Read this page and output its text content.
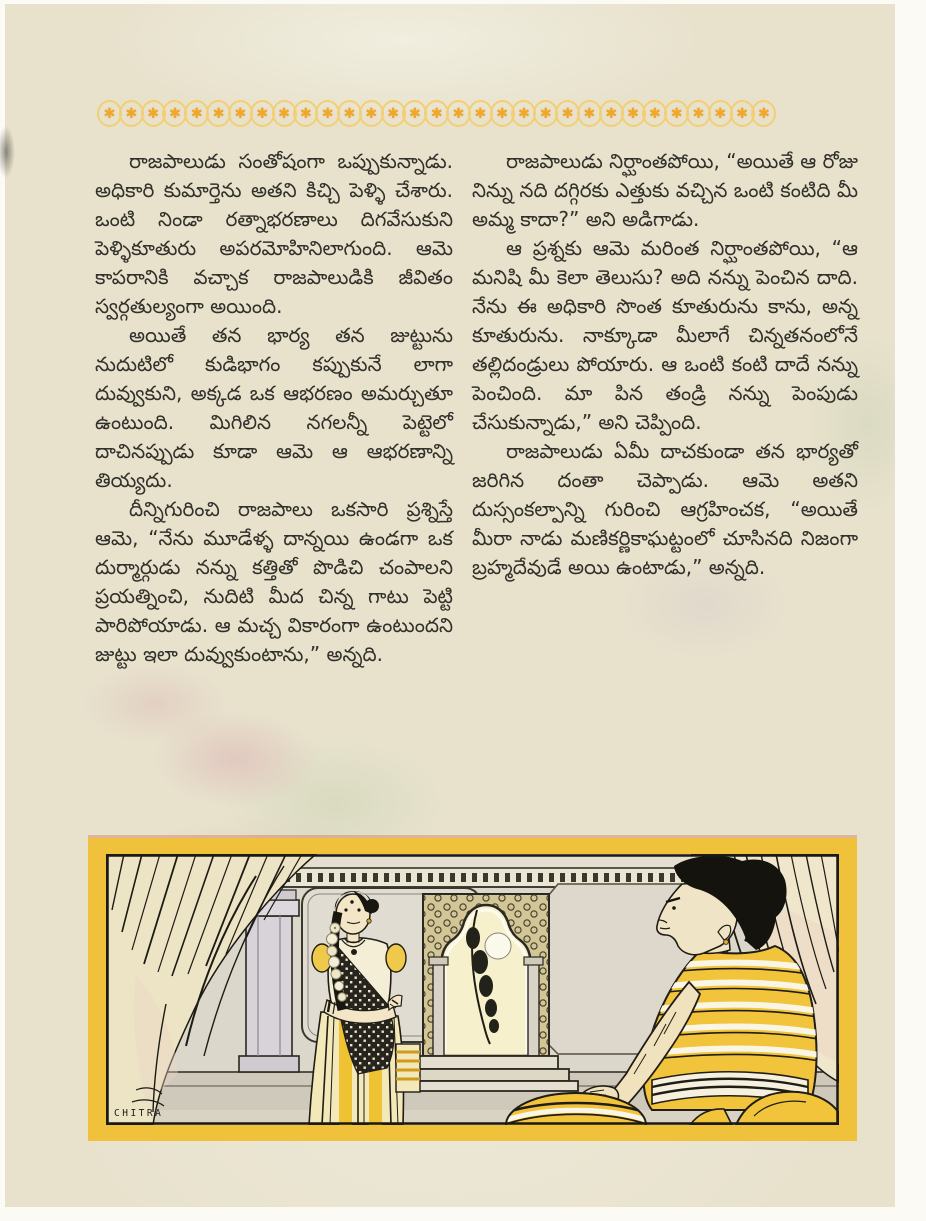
✱ ✱ ✱ ✱ ✱ ✱ ✱ ✱ ✱ ✱ ✱ ✱ ✱ ✱ ✱ ✱ ✱ ✱ ✱ ✱ ✱ ✱ ✱ ✱ ✱ ✱ ✱ ✱ ✱ ✱ ✱

రాజపాలుడు సంతోషంగా ఒప్పుకున్నాడు. అధికారి కుమార్తెను అతని కిచ్చి పెళ్ళి చేశారు. ఒంటి నిండా రత్నాభరణాలు దిగవేసుకుని పెళ్ళికూతురు అపరమోహినిలాగుంది. ఆమె కాపరానికి వచ్చాక రాజపాలుడికి జీవితం స్వర్గతుల్యంగా అయింది.

అయితే తన భార్య తన జుట్టును నుదుటిలో కుడిభాగం కప్పుకునే లాగా దువ్వుకుని, అక్కడ ఒక ఆభరణం అమర్చుతూ ఉంటుంది. మిగిలిన నగలన్నీ పెట్టెలో దాచినప్పుడు కూడా ఆమె ఆ ఆభరణాన్ని తియ్యదు.

దీన్నిగురించి రాజపాలు ఒకసారి ప్రశ్నిస్తే ఆమె, “నేను మూడేళ్ళ దాన్నయి ఉండగా ఒక దుర్మార్గుడు నన్ను కత్తితో పొడిచి చంపాలని ప్రయత్నించి, నుదిటి మీద చిన్న గాటు పెట్టి పారిపోయాడు. ఆ మచ్చ వికారంగా ఉంటుందని జుట్టు ఇలా దువ్వుకుంటాను,” అన్నది.

రాజపాలుడు నిర్ఘాంతపోయి, “అయితే ఆ రోజు నిన్ను నది దగ్గిరకు ఎత్తుకు వచ్చిన ఒంటి కంటిది మీ అమ్మ కాదా?” అని అడిగాడు.

ఆ ప్రశ్నకు ఆమె మరింత నిర్ఘాంతపోయి, “ఆ మనిషి మీ కెలా తెలుసు? అది నన్ను పెంచిన దాది. నేను ఈ అధికారి సొంత కూతురును కాను, అన్న కూతురును. నాక్కూడా మీలాగే చిన్నతనంలోనే తల్లిదండ్రులు పోయారు. ఆ ఒంటి కంటి దాదే నన్ను పెంచింది. మా పిన తండ్రి నన్ను పెంపుడు చేసుకున్నాడు,” అని చెప్పింది.

రాజపాలుడు ఏమీ దాచకుండా తన భార్యతో జరిగిన దంతా చెప్పాడు. ఆమె అతని దుస్సంకల్పాన్ని గురించి ఆగ్రహించక, “అయితే మీరా నాడు మణికర్ణికాఘట్టంలో చూసినది నిజంగా బ్రహ్మదేవుడే అయి ఉంటాడు,” అన్నది.

CHITRA
